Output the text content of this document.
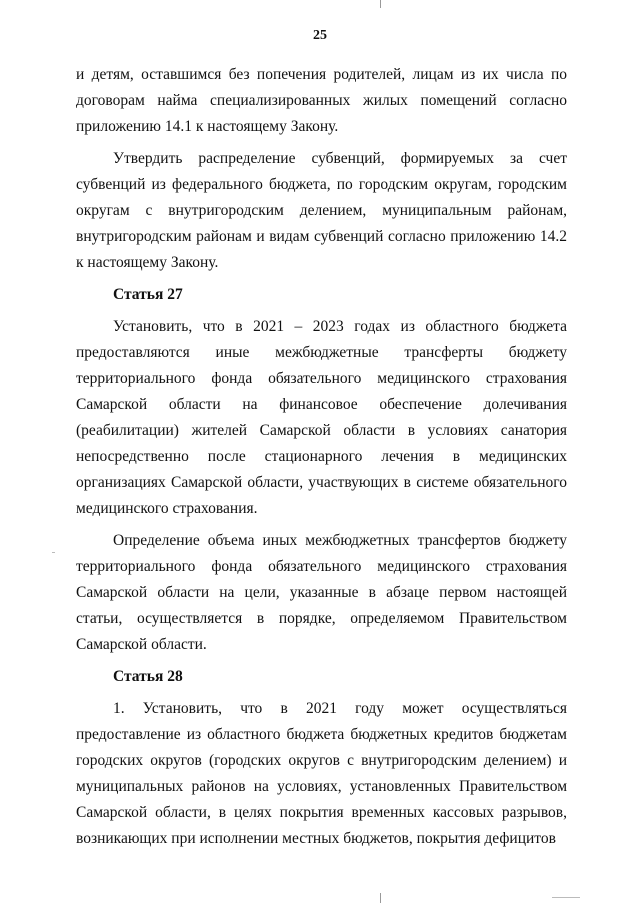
25

и детям, оставшимся без попечения родителей, лицам из их числа по договорам найма специализированных жилых помещений согласно приложению 14.1 к настоящему Закону.

Утвердить распределение субвенций, формируемых за счет субвенций из федерального бюджета, по городским округам, городским округам с внутригородским делением, муниципальным районам, внутригородским районам и видам субвенций согласно приложению 14.2 к настоящему Закону.

Статья 27

Установить, что в 2021 – 2023 годах из областного бюджета предоставляются иные межбюджетные трансферты бюджету территориального фонда обязательного медицинского страхования Самарской области на финансовое обеспечение долечивания (реабилитации) жителей Самарской области в условиях санатория непосредственно после стационарного лечения в медицинских организациях Самарской области, участвующих в системе обязательного медицинского страхования.

Определение объема иных межбюджетных трансфертов бюджету территориального фонда обязательного медицинского страхования Самарской области на цели, указанные в абзаце первом настоящей статьи, осуществляется в порядке, определяемом Правительством Самарской области.

Статья 28

1. Установить, что в 2021 году может осуществляться предоставление из областного бюджета бюджетных кредитов бюджетам городских округов (городских округов с внутригородским делением) и муниципальных районов на условиях, установленных Правительством Самарской области, в целях покрытия временных кассовых разрывов, возникающих при исполнении местных бюджетов, покрытия дефицитов
